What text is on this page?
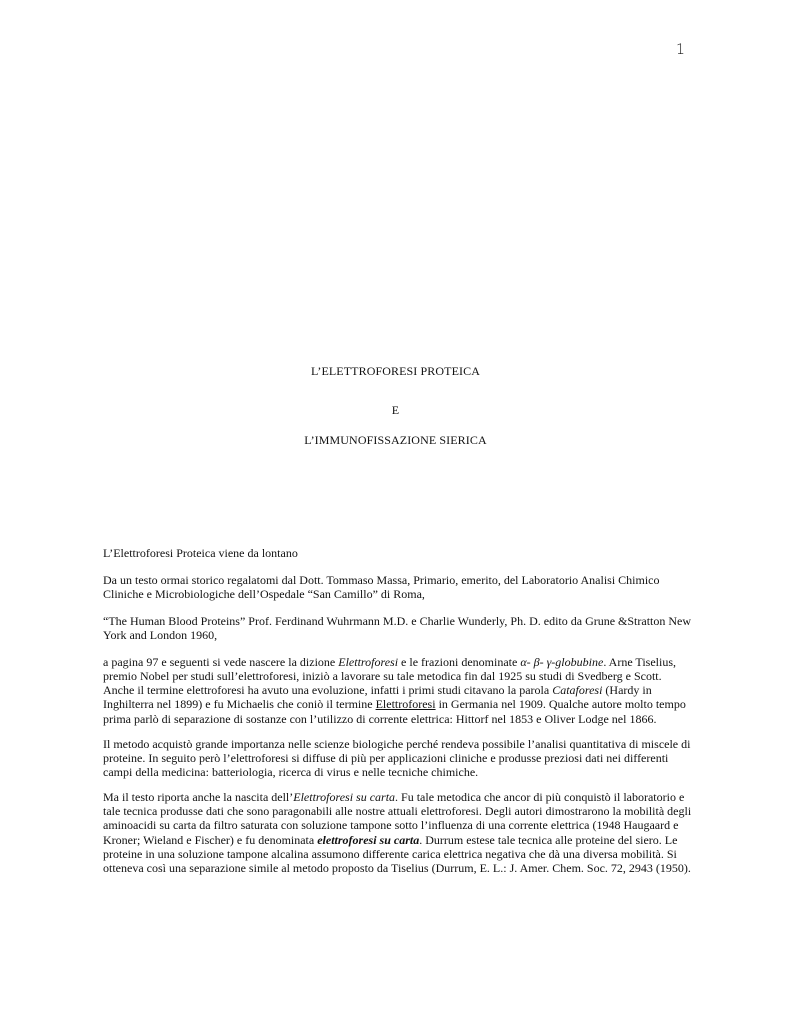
1
L’ELETTROFORESI PROTEICA
E
L’IMMUNOFISSAZIONE SIERICA

L’Elettroforesi Proteica viene da lontano

Da un testo ormai storico regalatomi dal Dott. Tommaso Massa, Primario, emerito, del Laboratorio Analisi Chimico Cliniche e Microbiologiche dell’Ospedale “San Camillo” di Roma,

“The Human Blood Proteins” Prof. Ferdinand Wuhrmann M.D. e Charlie Wunderly, Ph. D. edito da Grune &Stratton New York and London 1960,

a pagina 97 e seguenti si vede nascere la dizione Elettroforesi e le frazioni denominate α- β- γ-globubine. Arne Tiselius, premio Nobel per studi sull’elettroforesi, iniziò a lavorare su tale metodica fin dal 1925 su studi di Svedberg e Scott. Anche il termine elettroforesi ha avuto una evoluzione, infatti i primi studi citavano la parola Cataforesi (Hardy in Inghilterra nel 1899) e fu Michaelis che coniò il termine Elettroforesi in Germania nel 1909. Qualche autore molto tempo prima parlò di separazione di sostanze con l’utilizzo di corrente elettrica: Hittorf nel 1853 e Oliver Lodge nel 1866.

Il metodo acquistò grande importanza nelle scienze biologiche perché rendeva possibile l’analisi quantitativa di miscele di proteine. In seguito però l’elettroforesi si diffuse di più per applicazioni cliniche e produsse preziosi dati nei differenti campi della medicina: batteriologia, ricerca di virus e nelle tecniche chimiche.

Ma il testo riporta anche la nascita dell’Elettroforesi su carta. Fu tale metodica che ancor di più conquistò il laboratorio e tale tecnica produsse dati che sono paragonabili alle nostre attuali elettroforesi. Degli autori dimostrarono la mobilità degli aminoacidi su carta da filtro saturata con soluzione tampone sotto l’influenza di una corrente elettrica (1948 Haugaard e Kroner; Wieland e Fischer) e fu denominata elettroforesi su carta. Durrum estese tale tecnica alle proteine del siero. Le proteine in una soluzione tampone alcalina assumono differente carica elettrica negativa che dà una diversa mobilità. Si otteneva così una separazione simile al metodo proposto da Tiselius (Durrum, E. L.: J. Amer. Chem. Soc. 72, 2943 (1950).
